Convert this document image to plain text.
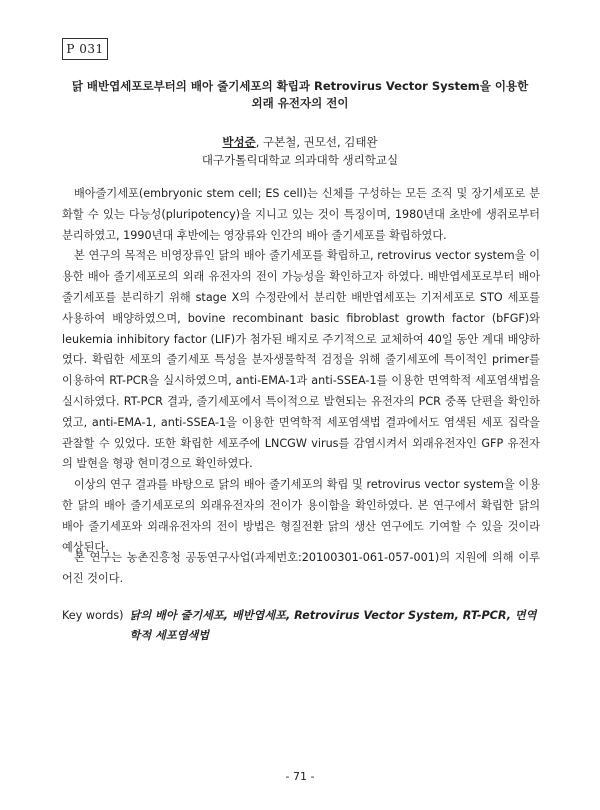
P 031
닭 배반엽세포로부터의 배아 줄기세포의 확립과 Retrovirus Vector System을 이용한
외래 유전자의 전이
박성준, 구본철, 권모선, 김태완
대구가톨릭대학교 의과대학 생리학교실

배아줄기세포(embryonic stem cell; ES cell)는 신체를 구성하는 모든 조직 및 장기세포로 분화할 수 있는 다능성(pluripotency)을 지니고 있는 것이 특징이며, 1980년대 초반에 생쥐로부터 분리하였고, 1990년대 후반에는 영장류와 인간의 배아 줄기세포를 확립하였다.

본 연구의 목적은 비영장류인 닭의 배아 줄기세포를 확립하고, retrovirus vector system을 이용한 배아 줄기세포로의 외래 유전자의 전이 가능성을 확인하고자 하였다. 배반엽세포로부터 배아 줄기세포를 분리하기 위해 stage X의 수정란에서 분리한 배반엽세포는 기저세포로 STO 세포를 사용하여 배양하였으며, bovine recombinant basic fibroblast growth factor (bFGF)와 leukemia inhibitory factor (LIF)가 첨가된 배지로 주기적으로 교체하여 40일 동안 계대 배양하였다. 확립한 세포의 줄기세포 특성을 분자생물학적 검정을 위해 줄기세포에 특이적인 primer를 이용하여 RT-PCR을 실시하였으며, anti-EMA-1과 anti-SSEA-1를 이용한 면역학적 세포염색법을 실시하였다. RT-PCR 결과, 줄기세포에서 특이적으로 발현되는 유전자의 PCR 중폭 단편을 확인하였고, anti-EMA-1, anti-SSEA-1을 이용한 면역학적 세포염색법 결과에서도 염색된 세포 집락을 관찰할 수 있었다. 또한 확립한 세포주에 LNCGW virus를 감염시켜서 외래유전자인 GFP 유전자의 발현을 형광 현미경으로 확인하였다.

이상의 연구 결과를 바탕으로 닭의 배아 줄기세포의 확립 및 retrovirus vector system을 이용한 닭의 배아 줄기세포로의 외래유전자의 전이가 용이함을 확인하였다. 본 연구에서 확립한 닭의 배아 줄기세포와 외래유전자의 전이 방법은 형질전환 닭의 생산 연구에도 기여할 수 있을 것이라 예상된다.

본 연구는 농촌진흥청 공동연구사업(과제번호:20100301-061-057-001)의 지원에 의해 이루어진 것이다.

Key words) 닭의 배아 줄기세포, 배반엽세포, Retrovirus Vector System, RT-PCR, 면역학적 세포염색법
- 71 -
